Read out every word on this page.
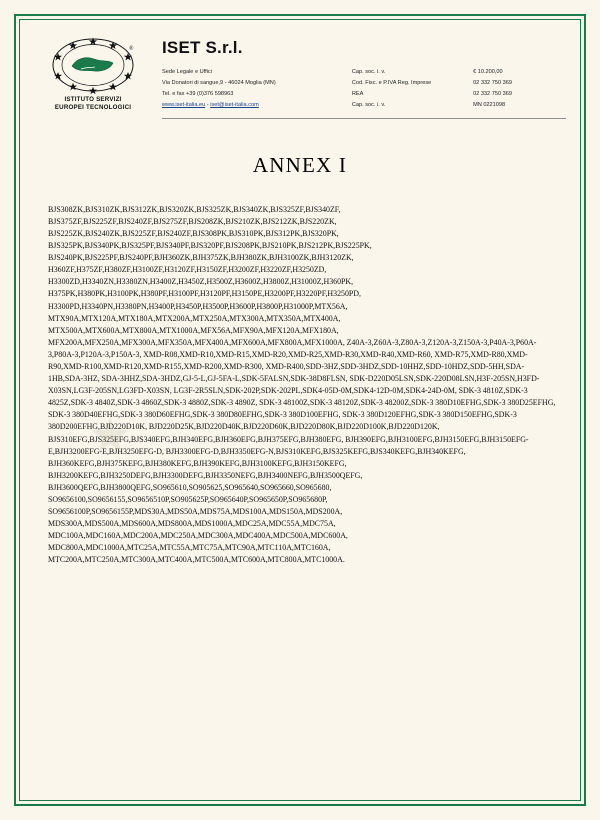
®
ISTITUTO SERVIZI
EUROPEI TECNOLOGICI
ISET S.r.l.
Sede Legale e Uffici	Cap. soc. i. v.	€ 10.200,00
Via Donatori di sangue,9 - 46024 Moglia (MN)	Cod. Fisc. e P.IVA Reg. Imprese	02 332 750 369
Tel. e fax +39 (0)376 598963	REA	02 332 750 369
www.iset-italia.eu - iset@iset-italia.com	Cap. soc. i. v.	MN 0221098
ANNEX I

BJS308ZK,BJS310ZK,BJS312ZK,BJS320ZK,BJS325ZK,BJS340ZK,BJS325ZF,BJS340ZF, BJS375ZF,BJS225ZF,BJS240ZF,BJS275ZF,BJS208ZK,BJS210ZK,BJS212ZK,BJS220ZK, BJS225ZK,BJS240ZK,BJS225ZF,BJS240ZF,BJS308PK,BJS310PK,BJS312PK,BJS320PK, BJS325PK,BJS340PK,BJS325PF,BJS340PF,BJS320PF,BJS208PK,BJS210PK,BJS212PK,BJS225PK, BJS240PK,BJS225PF,BJS240PF,BJH360ZK,BJH375ZK,BJH380ZK,BJH3100ZK,BJH3120ZK, H360ZF,H375ZF,H380ZF,H3100ZF,H3120ZF,H3150ZF,H3200ZF,H3220ZF,H3250ZD, H3300ZD,H3340ZN,H3380ZN,H3400Z,H3450Z,H3500Z,H3600Z,H3800Z,H31000Z,H360PK, H375PK,H380PK,H3100PK,H380PF,H3100PF,H3120PF,H3150PE,H3200PF,H3220PF,H3250PD, H3300PD,H3340PN,H3380PN,H3400P,H3450P,H3500P,H3600P,H3800P,H31000P,MTX56A, MTX90A,MTX120A,MTX180A,MTX200A,MTX250A,MTX300A,MTX350A,MTX400A, MTX500A,MTX600A,MTX800A,MTX1000A,MFX56A,MFX90A,MFX120A,MFX180A, MFX200A,MFX250A,MFX300A,MFX350A,MFX400A,MFX600A,MFX800A,MFX1000A, Z40A-3,Z60A-3,Z80A-3,Z120A-3,Z150A-3,P40A-3,P60A-3,P80A-3,P120A-3,P150A-3, XMD-R08,XMD-R10,XMD-R15,XMD-R20,XMD-R25,XMD-R30,XMD-R40,XMD-R60, XMD-R75,XMD-R80,XMD-R90,XMD-R100,XMD-R120,XMD-R155,XMD-R200,XMD-R300, XMD-R400,SDD-3HZ,SDD-3HDZ,SDD-10HHZ,SDD-10HDZ,SDD-5HH,SDA-1HB,SDA-3HZ, SDA-3HHZ,SDA-3HDZ,GJ-5-L,GJ-5FA-L,SDK-5FALSN,SDK-38D8FLSN, SDK-D220D05LSN,SDK-220D08LSN,H3F-205SN,H3FD-X03SN,LG3F-205SN,LG3FD-X03SN, LG3F-2R5SLN,SDK-202P,SDK-202PL,SDK4-05D-0M,SDK4-12D-0M,SDK4-24D-0M, SDK-3 4810Z,SDK-3 4825Z,SDK-3 4840Z,SDK-3 4860Z,SDK-3 4880Z,SDK-3 4890Z, SDK-3 48100Z,SDK-3 48120Z,SDK-3 48200Z,SDK-3 380D10EFHG,SDK-3 380D25EFHG, SDK-3 380D40EFHG,SDK-3 380D60EFHG,SDK-3 380D80EFHG,SDK-3 380D100EFHG, SDK-3 380D120EFHG,SDK-3 380D150EFHG,SDK-3 380D200EFHG,BJD220D10K, BJD220D25K,BJD220D40K,BJD220D60K,BJD220D80K,BJD220D100K,BJD220D120K, BJS310EFG,BJS325EFG,BJS340EFG,BJH340EFG,BJH360EFG,BJH375EFG,BJH380EFG, BJH390EFG,BJH3100EFG,BJH3150EFG,BJH3150EFG-E,BJH3200EFG-E,BJH3250EFG-D, BJH3300EFG-D,BJH3350EFG-N,BJS310KEFG,BJS325KEFG,BJS340KEFG,BJH340KEFG, BJH360KEFG,BJH375KEFG,BJH380KEFG,BJH390KEFG,BJH3100KEFG,BJH3150KEFG, BJH3200KEFG,BJH3250DEFG,BJH3300DEFG,BJH3350NEFG,BJH3400NEFG,BJH3500QEFG, BJH3600QEFG,BJH3800QEFG,SO965610,SO905625,SO965640,SO965660,SO965680, SO9656100,SO9656155,SO9656510P,SO905625P,SO965640P,SO965650P,SO965680P, SO9656100P,SO9656155P,MDS30A,MDS50A,MDS75A,MDS100A,MDS150A,MDS200A, MDS300A,MDS500A,MDS600A,MDS800A,MDS1000A,MDC25A,MDC55A,MDC75A, MDC100A,MDC160A,MDC200A,MDC250A,MDC300A,MDC400A,MDC500A,MDC600A, MDC800A,MDC1000A,MTC25A,MTC55A,MTC75A,MTC90A,MTC110A,MTC160A, MTC200A,MTC250A,MTC300A,MTC400A,MTC500A,MTC600A,MTC800A,MTC1000A.
